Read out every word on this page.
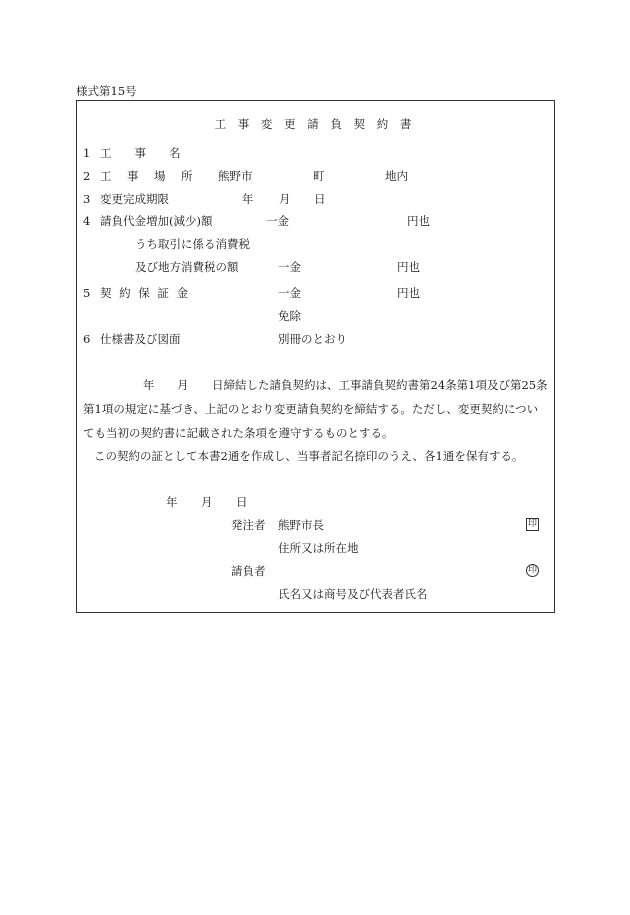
様式第15号
工 事 変 更 請 負 契 約 書
1 工　　事　　名
2 工　事　場　所 熊野市	町	地内
3 変更完成期限	年 月 日
4 請負代金増加(減少)額	一金	円也
うち取引に係る消費税
及び地方消費税の額	一金	円也
5 契 約 保 証 金	一金	円也
免除
6 仕様書及び図面	別冊のとおり
年 月 日締結した請負契約は、工事請負契約書第24条第1項及び第25条
第1項の規定に基づき、上記のとおり変更請負契約を締結する。ただし、変更契約につい
ても当初の契約書に記載された条項を遵守するものとする。
この契約の証として本書2通を作成し、当事者記名捺印のうえ、各1通を保有する。
年 月 日
発注者 熊野市長	印
住所又は所在地
請負者	印
氏名又は商号及び代表者氏名
